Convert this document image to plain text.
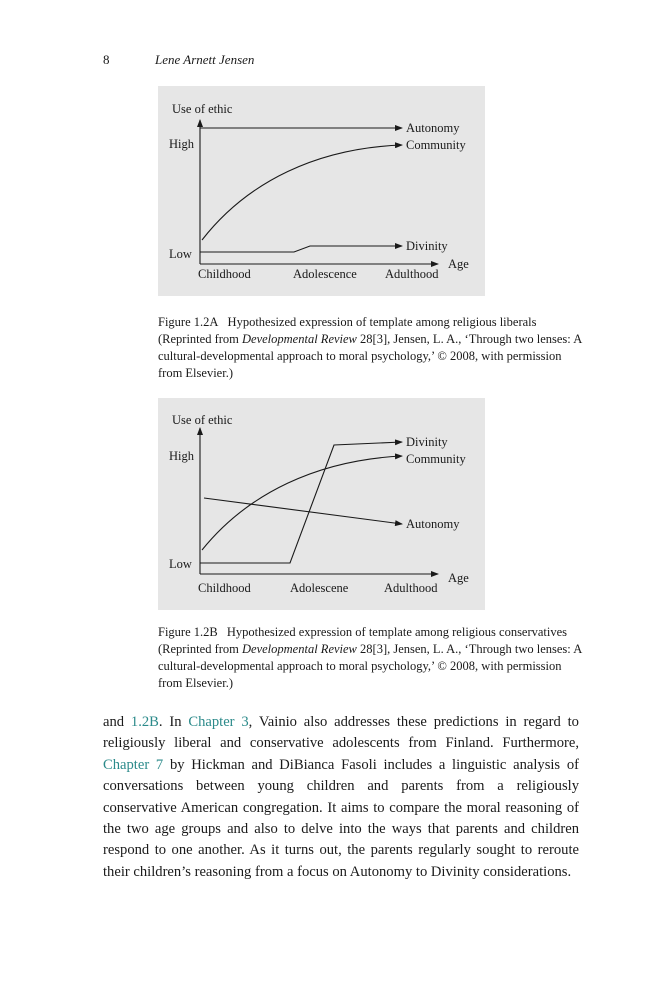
8	Lene Arnett Jensen
Use of ethic
High
Low
Age
Childhood	Adolescence Adulthood
Autonomy
Community
Divinity
Figure 1.2A Hypothesized expression of template among religious liberals (Reprinted from Developmental Review 28[3], Jensen, L. A., ‘Through two lenses: A cultural-developmental approach to moral psychology,’ © 2008, with permission from Elsevier.)
Use of ethic
High
Low
Age
Childhood	Adolescene	Adulthood
Divinity
Community
Autonomy
Figure 1.2B Hypothesized expression of template among religious conservatives (Reprinted from Developmental Review 28[3], Jensen, L. A., ‘Through two lenses: A cultural-developmental approach to moral psychology,’ © 2008, with permission from Elsevier.)

and 1.2B. In Chapter 3, Vainio also addresses these predictions in regard to religiously liberal and conservative adolescents from Finland. Furthermore, Chapter 7 by Hickman and DiBianca Fasoli includes a linguistic analysis of conversations between young children and parents from a religiously conservative American congregation. It aims to compare the moral reasoning of the two age groups and also to delve into the ways that parents and children respond to one another. As it turns out, the parents regularly sought to reroute their children’s reasoning from a focus on Autonomy to Divinity considerations.
